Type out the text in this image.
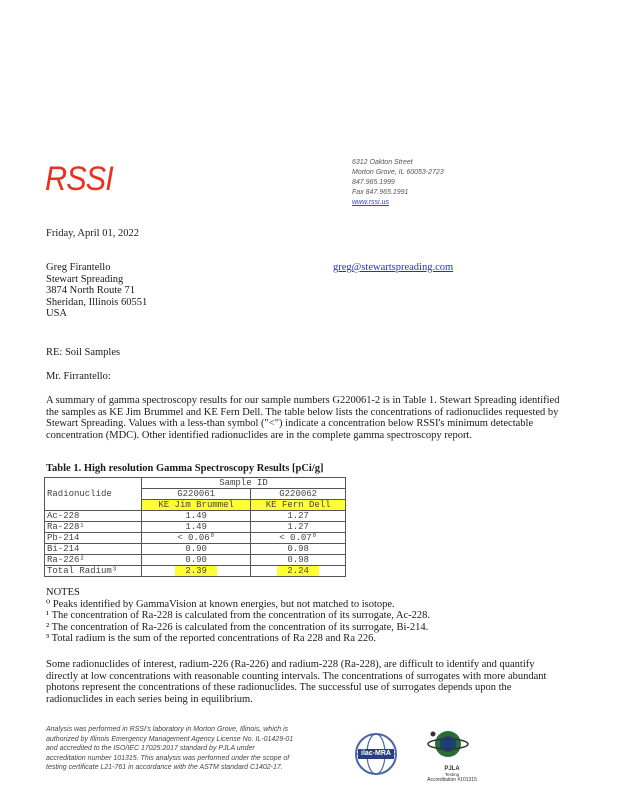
RSSI	6312 Oakton Street
Morton Grove, IL 60053-2723
847.965.1999
Fax 847.965.1991
www.rssi.us
Friday, April 01, 2022
Greg Firantello
Stewart Spreading
3874 North Route 71
Sheridan, Illinois 60551
USA
greg@stewartspreading.com
RE: Soil Samples
Mr. Firrantello:
A summary of gamma spectroscopy results for our sample numbers G220061-2 is in Table 1. Stewart Spreading identified the samples as KE Jim Brummel and KE Fern Dell. The table below lists the concentrations of radionuclides requested by Stewart Spreading. Values with a less-than symbol ("<") indicate a concentration below RSSI's minimum detectable concentration (MDC). Other identified radionuclides are in the complete gamma spectroscopy report.
Table 1. High resolution Gamma Spectroscopy Results [pCi/g]
Radionuclide	Sample ID	
	G220061	G220062
	KE Jim Brummel	KE Fern Dell
Ac-228	1.49	1.27
Ra-228¹	1.49	1.27
Pb-214	< 0.06⁰	< 0.07⁰
Bi-214	0.90	0.98
Ra-226²	0.90	0.98
Total Radium³	2.39	2.24
NOTES
⁰ Peaks identified by GammaVision at known energies, but not matched to isotope.
¹ The concentration of Ra-228 is calculated from the concentration of its surrogate, Ac-228.
² The concentration of Ra-226 is calculated from the concentration of its surrogate, Bi-214.
³ Total radium is the sum of the reported concentrations of Ra 228 and Ra 226.
Some radionuclides of interest, radium-226 (Ra-226) and radium-228 (Ra-228), are difficult to identify and quantify directly at low concentrations with reasonable counting intervals. The concentrations of surrogates with more abundant photons represent the concentrations of these radionuclides. The successful use of surrogates depends upon the radionuclides in each series being in equilibrium.
Analysis was performed in RSSI's laboratory in Morton Grove, Illinois, which is
authorized by Illinois Emergency Management Agency License No. IL-01429-01
and accredited to the ISO/IEC 17025:2017 standard by PJLA under
accreditation number 101315. This analysis was performed under the scope of
testing certificate L21-761 in accordance with the ASTM standard C1402-17.
ilac-MRA
PJLA
Testing
Accreditation #101315
